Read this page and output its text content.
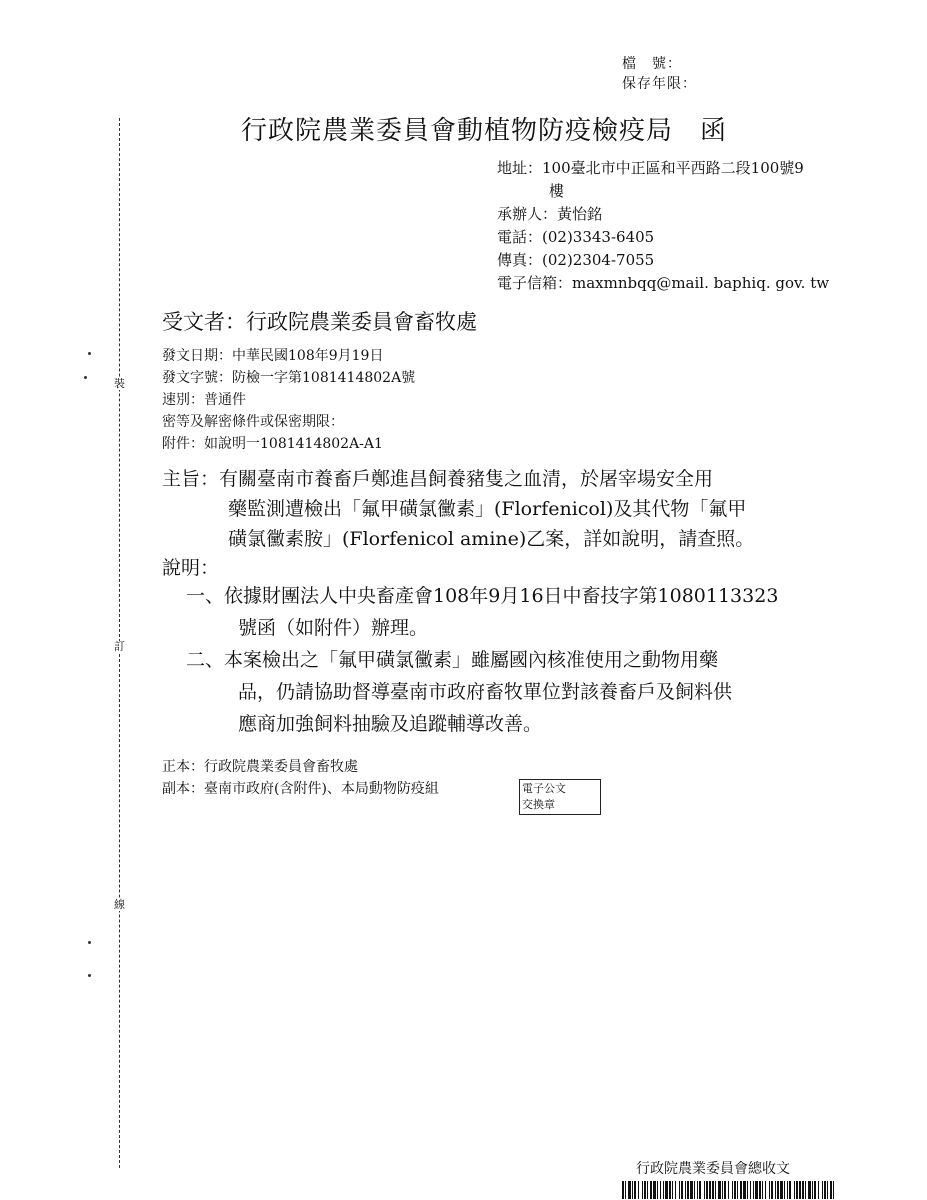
檔　號：
保存年限：
裝
訂
線
行政院農業委員會動植物防疫檢疫局　函
地址： 100臺北市中正區和平西路二段100號9
樓
承辦人：黃怡銘
電話：(02)3343-6405
傳真：(02)2304-7055
電子信箱：maxmnbqq@mail. baphiq. gov. tw
受文者：行政院農業委員會畜牧處
發文日期：中華民國108年9月19日
發文字號：防檢一字第1081414802A號
速別：普通件
密等及解密條件或保密期限：
附件：如說明一1081414802A-A1
主旨：有關臺南市養畜戶鄭進昌飼養豬隻之血清，於屠宰場安全用
藥監測遭檢出「氟甲磺氯黴素」(Florfenicol)及其代物「氟甲
磺氯黴素胺」(Florfenicol amine)乙案，詳如說明，請查照。
說明：
一、依據財團法人中央畜產會108年9月16日中畜技字第1080113323
號函（如附件）辦理。
二、本案檢出之「氟甲磺氯黴素」雖屬國內核准使用之動物用藥
品，仍請協助督導臺南市政府畜牧單位對該養畜戶及飼料供
應商加強飼料抽驗及追蹤輔導改善。
正本：行政院農業委員會畜牧處
副本：臺南市政府(含附件)、本局動物防疫組	電子公文
交換章
行政院農業委員會總收文
